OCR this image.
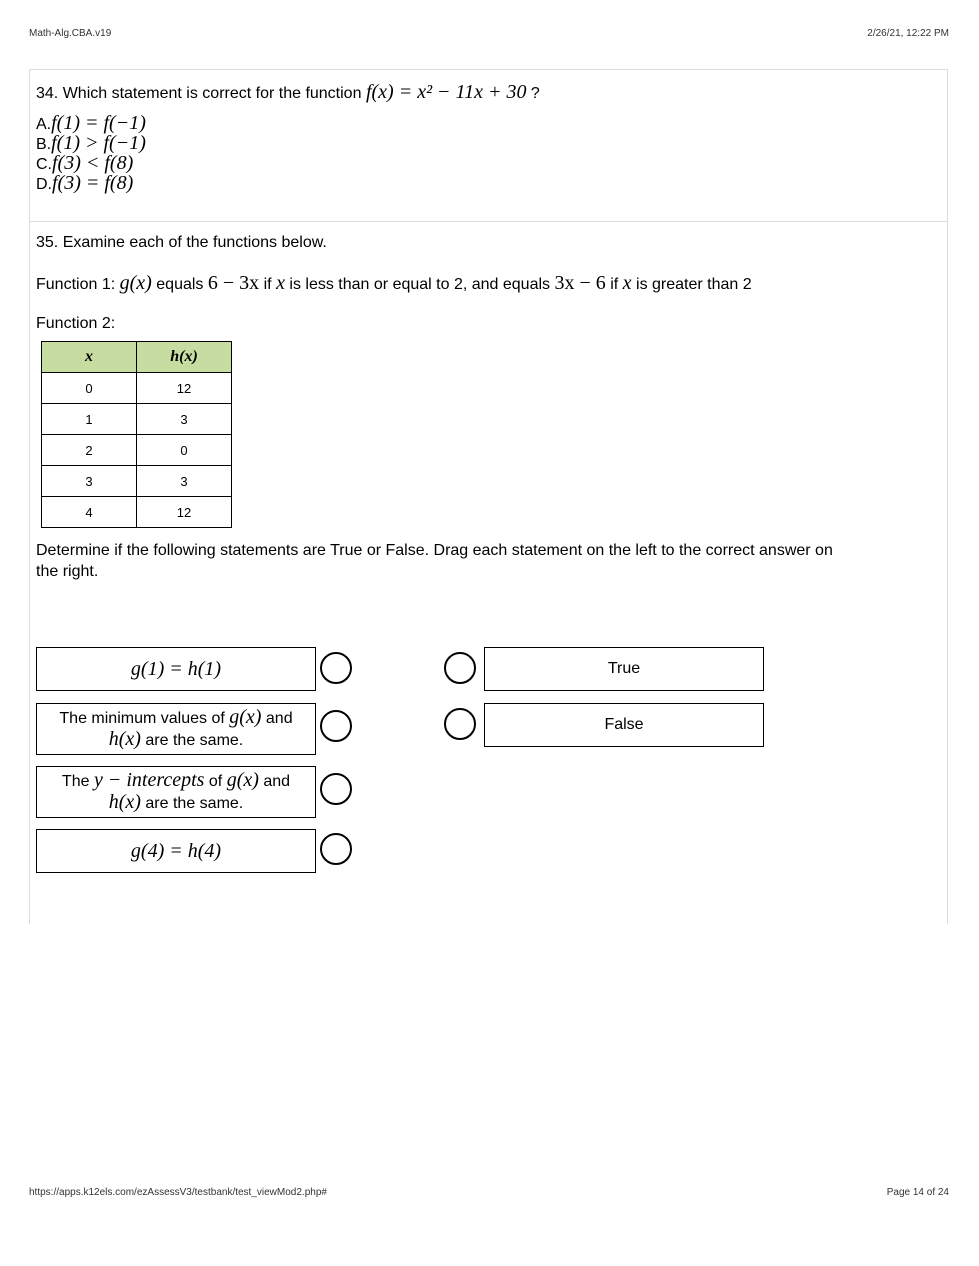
Math-Alg.CBA.v19	2/26/21, 12:22 PM
https://apps.k12els.com/ezAssessV3/testbank/test_viewMod2.php#	Page 14 of 24
34. Which statement is correct for the function f(x) = x² − 11x + 30 ?
A.f(1) = f(−1)
B.f(1) > f(−1)
C.f(3) < f(8)
D.f(3) = f(8)
35. Examine each of the functions below.
Function 1: g(x) equals 6 − 3x if x is less than or equal to 2, and equals 3x − 6 if x is greater than 2
Function 2:
x	h(x)
0	12
1	3
2	0
3	3
4	12
Determine if the following statements are True or False. Drag each statement on the left to the correct answer on
the right.
g(1) = h(1)
The minimum values of g(x) and
h(x) are the same.
The y − intercepts of g(x) and
h(x) are the same.
g(4) = h(4)
True
False
